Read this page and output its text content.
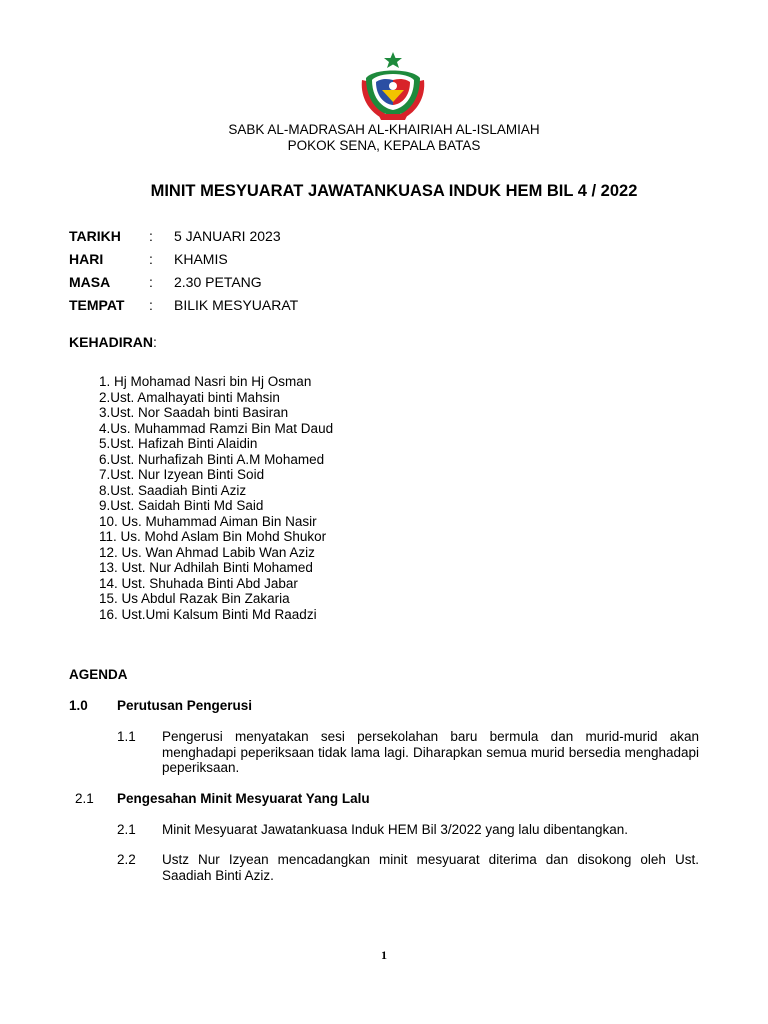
SABK AL-MADRASAH AL-KHAIRIAH AL-ISLAMIAH
POKOK SENA, KEPALA BATAS
MINIT MESYUARAT JAWATANKUASA INDUK HEM BIL 4 / 2022
TARIKH	: 5 JANUARI 2023
HARI	: KHAMIS
MASA	: 2.30 PETANG
TEMPAT	: BILIK MESYUARAT
KEHADIRAN:
1. Hj Mohamad Nasri bin Hj Osman
2.Ust. Amalhayati binti Mahsin
3.Ust. Nor Saadah binti Basiran
4.Us. Muhammad Ramzi Bin Mat Daud
5.Ust. Hafizah Binti Alaidin
6.Ust. Nurhafizah Binti A.M Mohamed
7.Ust. Nur Izyean Binti Soid
8.Ust. Saadiah Binti Aziz
9.Ust. Saidah Binti Md Said
10. Us. Muhammad Aiman Bin Nasir
11. Us. Mohd Aslam Bin Mohd Shukor
12. Us. Wan Ahmad Labib Wan Aziz
13. Ust. Nur Adhilah Binti Mohamed
14. Ust. Shuhada Binti Abd Jabar
15. Us Abdul Razak Bin Zakaria
16. Ust.Umi Kalsum Binti Md Raadzi
AGENDA
1.0 Perutusan Pengerusi
1.1 Pengerusi menyatakan sesi persekolahan baru bermula dan murid-murid akan menghadapi peperiksaan tidak lama lagi. Diharapkan semua murid bersedia menghadapi peperiksaan.

2.1 Pengesahan Minit Mesyuarat Yang Lalu
2.1 Minit Mesyuarat Jawatankuasa Induk HEM Bil 3/2022 yang lalu dibentangkan.

2.2 Ustz Nur Izyean mencadangkan minit mesyuarat diterima dan disokong oleh Ust. Saadiah Binti Aziz.

1
